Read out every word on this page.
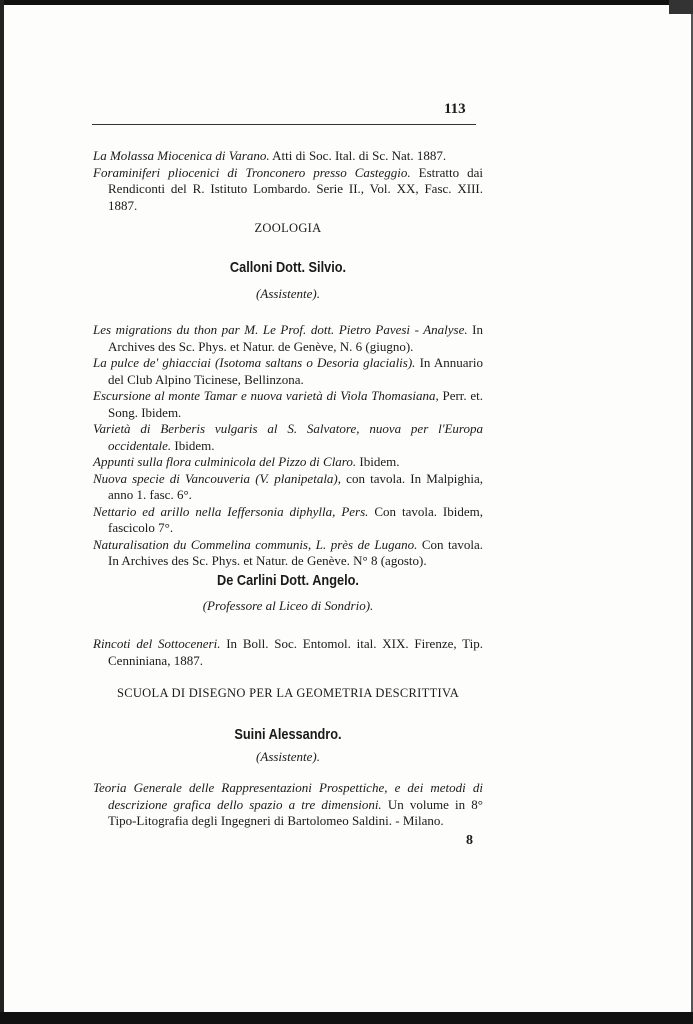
113

La Molassa Miocenica di Varano. Atti di Soc. Ital. di Sc. Nat. 1887.

Foraminiferi pliocenici di Tronconero presso Casteggio. Estratto dai Rendiconti del R. Istituto Lombardo. Serie II., Vol. XX, Fasc. XIII. 1887.

ZOOLOGIA
Calloni Dott. Silvio.
(Assistente).

Les migrations du thon par M. Le Prof. dott. Pietro Pavesi - Analyse. In Archives des Sc. Phys. et Natur. de Genève, N. 6 (giugno).

La pulce de' ghiacciai (Isotoma saltans o Desoria glacialis). In Annuario del Club Alpino Ticinese, Bellinzona.

Escursione al monte Tamar e nuova varietà di Viola Thomasiana, Perr. et. Song. Ibidem.

Varietà di Berberis vulgaris al S. Salvatore, nuova per l'Europa occidentale. Ibidem.

Appunti sulla flora culminicola del Pizzo di Claro. Ibidem.

Nuova specie di Vancouveria (V. planipetala), con tavola. In Malpighia, anno 1. fasc. 6°.

Nettario ed arillo nella Ieffersonia diphylla, Pers. Con tavola. Ibidem, fascicolo 7°.

Naturalisation du Commelina communis, L. près de Lugano. Con tavola. In Archives des Sc. Phys. et Natur. de Genève. N° 8 (agosto).

De Carlini Dott. Angelo.
(Professore al Liceo di Sondrio).

Rincoti del Sottoceneri. In Boll. Soc. Entomol. ital. XIX. Firenze, Tip. Cenniniana, 1887.

SCUOLA DI DISEGNO PER LA GEOMETRIA DESCRITTIVA
Suini Alessandro.
(Assistente).

Teoria Generale delle Rappresentazioni Prospettiche, e dei metodi di descrizione grafica dello spazio a tre dimensioni. Un volume in 8° Tipo-Litografia degli Ingegneri di Bartolomeo Saldini. - Milano.

8
